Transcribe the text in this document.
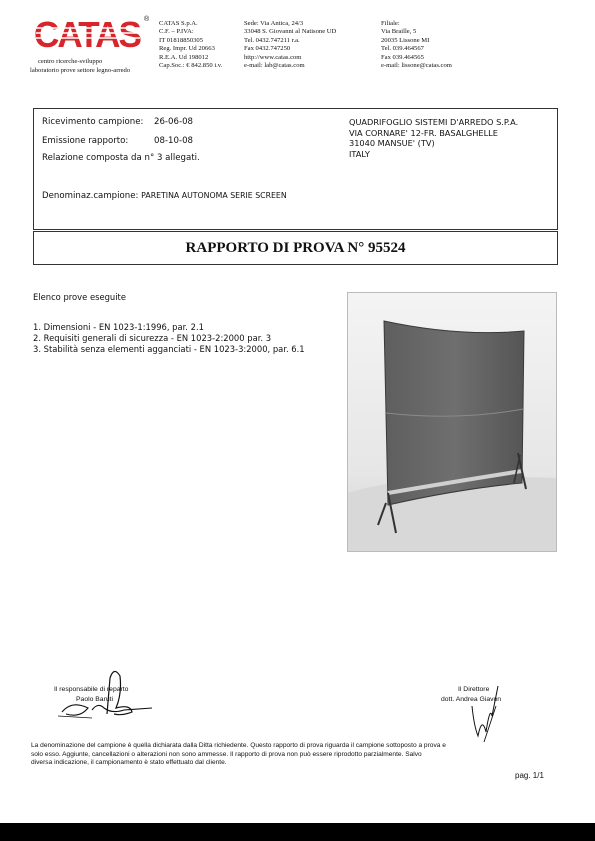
CATAS ®
centro ricerche-sviluppo
laboratorio prove settore legno-arredo
CATAS S.p.A.
C.F. – P.IVA:
IT 01818850305
Reg. Impr. Ud 20663
R.E.A. Ud 198012
Cap.Soc.: € 842.850 i.v.
Sede: Via Antica, 24/3
33048 S. Giovanni al Natisone UD
Tel. 0432.747211 r.a.
Fax 0432.747250
http://www.catas.com
e-mail: lab@catas.com
Filiale:
Via Braille, 5
20035 Lissone MI
Tel. 039.464567
Fax 039.464565
e-mail: lissone@catas.com
Ricevimento campione: 26-06-08
Emissione rapporto:	08-10-08
Relazione composta da n° 3 allegati.
Denominaz.campione: PARETINA AUTONOMA SERIE SCREEN
QUADRIFOGLIO SISTEMI D'ARREDO S.P.A.
VIA CORNARE' 12-FR. BASALGHELLE
31040 MANSUE' (TV)
ITALY
RAPPORTO DI PROVA N° 95524
Elenco prove eseguite
1. Dimensioni - EN 1023-1:1996, par. 2.1
2. Requisiti generali di sicurezza - EN 1023-2:2000 par. 3
3. Stabilità senza elementi agganciati - EN 1023-3:2000, par. 6.1
Il responsabile di reparto
Paolo Baruti
Il Direttore
dott. Andrea Giavon
La denominazione del campione è quella dichiarata dalla Ditta richiedente. Questo rapporto di prova riguarda il campione sottoposto a prova e
solo esso. Aggiunte, cancellazioni o alterazioni non sono ammesse. Il rapporto di prova non può essere riprodotto parzialmente. Salvo
diversa indicazione, il campionamento è stato effettuato dal cliente.
pag. 1/1
